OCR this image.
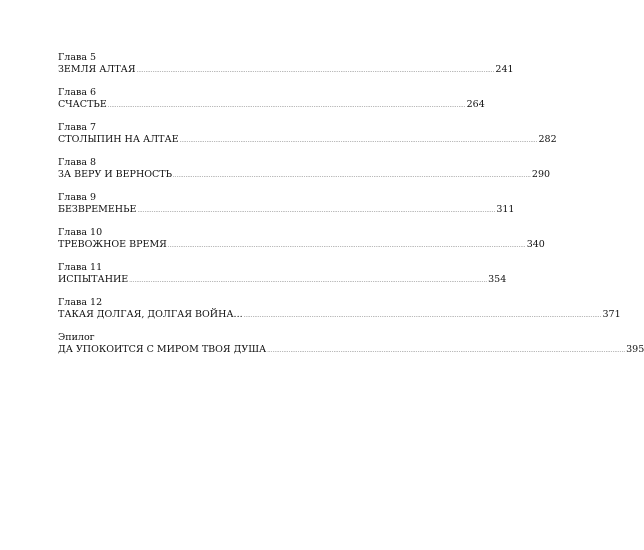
Глава 5
ЗЕМЛЯ АЛТАЯ ........................................................................................................................................................................................................ 241
Глава 6
СЧАСТЬЕ ........................................................................................................................................................................................................ 264
Глава 7
СТОЛЫПИН НА АЛТАЕ ........................................................................................................................................................................................................ 282
Глава 8
ЗА ВЕРУ И ВЕРНОСТЬ ........................................................................................................................................................................................................ 290
Глава 9
БЕЗВРЕМЕНЬЕ ........................................................................................................................................................................................................ 311
Глава 10
ТРЕВОЖНОЕ ВРЕМЯ ........................................................................................................................................................................................................ 340
Глава 11
ИСПЫТАНИЕ ........................................................................................................................................................................................................ 354
Глава 12
ТАКАЯ ДОЛГАЯ, ДОЛГАЯ ВОЙНА... ........................................................................................................................................................................................................ 371
Эпилог
ДА УПОКОИТСЯ С МИРОМ ТВОЯ ДУША ........................................................................................................................................................................................................ 395
